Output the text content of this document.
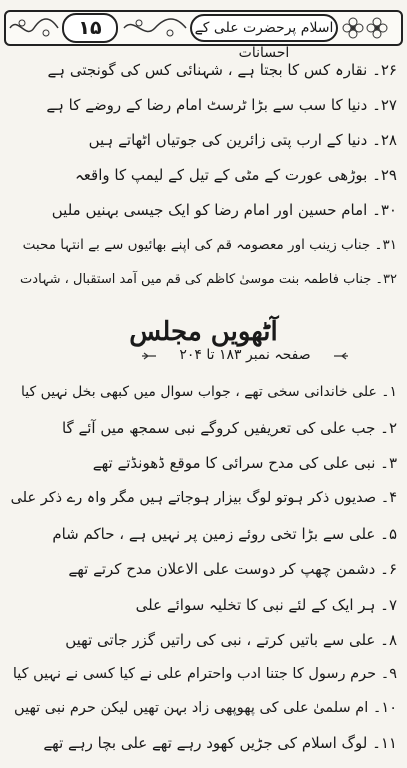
۱۵	اسلام پرحضرت علی کے احسانات
۲۶۔ نقارہ کس کا بجتا ہے ، شہنائی کس کی گونجتی ہے
۲۷۔ دنیا کا سب سے بڑا ٹرسٹ امام رضا کے روضے کا ہے
۲۸۔ دنیا کے ارب پتی زائرین کی جوتیاں اٹھاتے ہیں
۲۹۔ بوڑھی عورت کے مٹی کے تیل کے لیمپ کا واقعہ
۳۰۔ امام حسین اور امام رضا کو ایک جیسی بہنیں ملیں
۳۱۔ جناب زینب اور معصومہ قم کی اپنے بھائیوں سے بے انتہا محبت
۳۲۔ جناب فاطمہ بنت موسیٰ کاظم کی قم میں آمد استقبال ، شہادت
آٹھویں مجلس
صفحہ نمبر ۱۸۳ تا ۲۰۴
۱۔ علی خاندانی سخی تھے ، جواب سوال میں کبھی بخل نہیں کیا
۲۔ جب علی کی تعریفیں کروگے نبی سمجھ میں آئے گا
۳۔ نبی علی کی مدح سرائی کا موقع ڈھونڈتے تھے
۴۔ صدیوں ذکر ہوتو لوگ بیزار ہوجاتے ہیں مگر واہ رے ذکر علی
۵۔ علی سے بڑا تخی روئے زمین پر نہیں ہے ، حاکم شام
۶۔ دشمن چھپ کر دوست علی الاعلان مدح کرتے تھے
۷۔ ہر ایک کے لئے نبی کا تخلیہ سوائے علی
۸۔ علی سے باتیں کرتے ، نبی کی راتیں گزر جاتی تھیں
۹۔ حرم رسول کا جتنا ادب واحترام علی نے کیا کسی نے نہیں کیا
۱۰۔ ام سلمیٰ علی کی پھوپھی زاد بہن تھیں لیکن حرم نبی تھیں
۱۱۔ لوگ اسلام کی جڑیں کھود رہے تھے علی بچا رہے تھے
